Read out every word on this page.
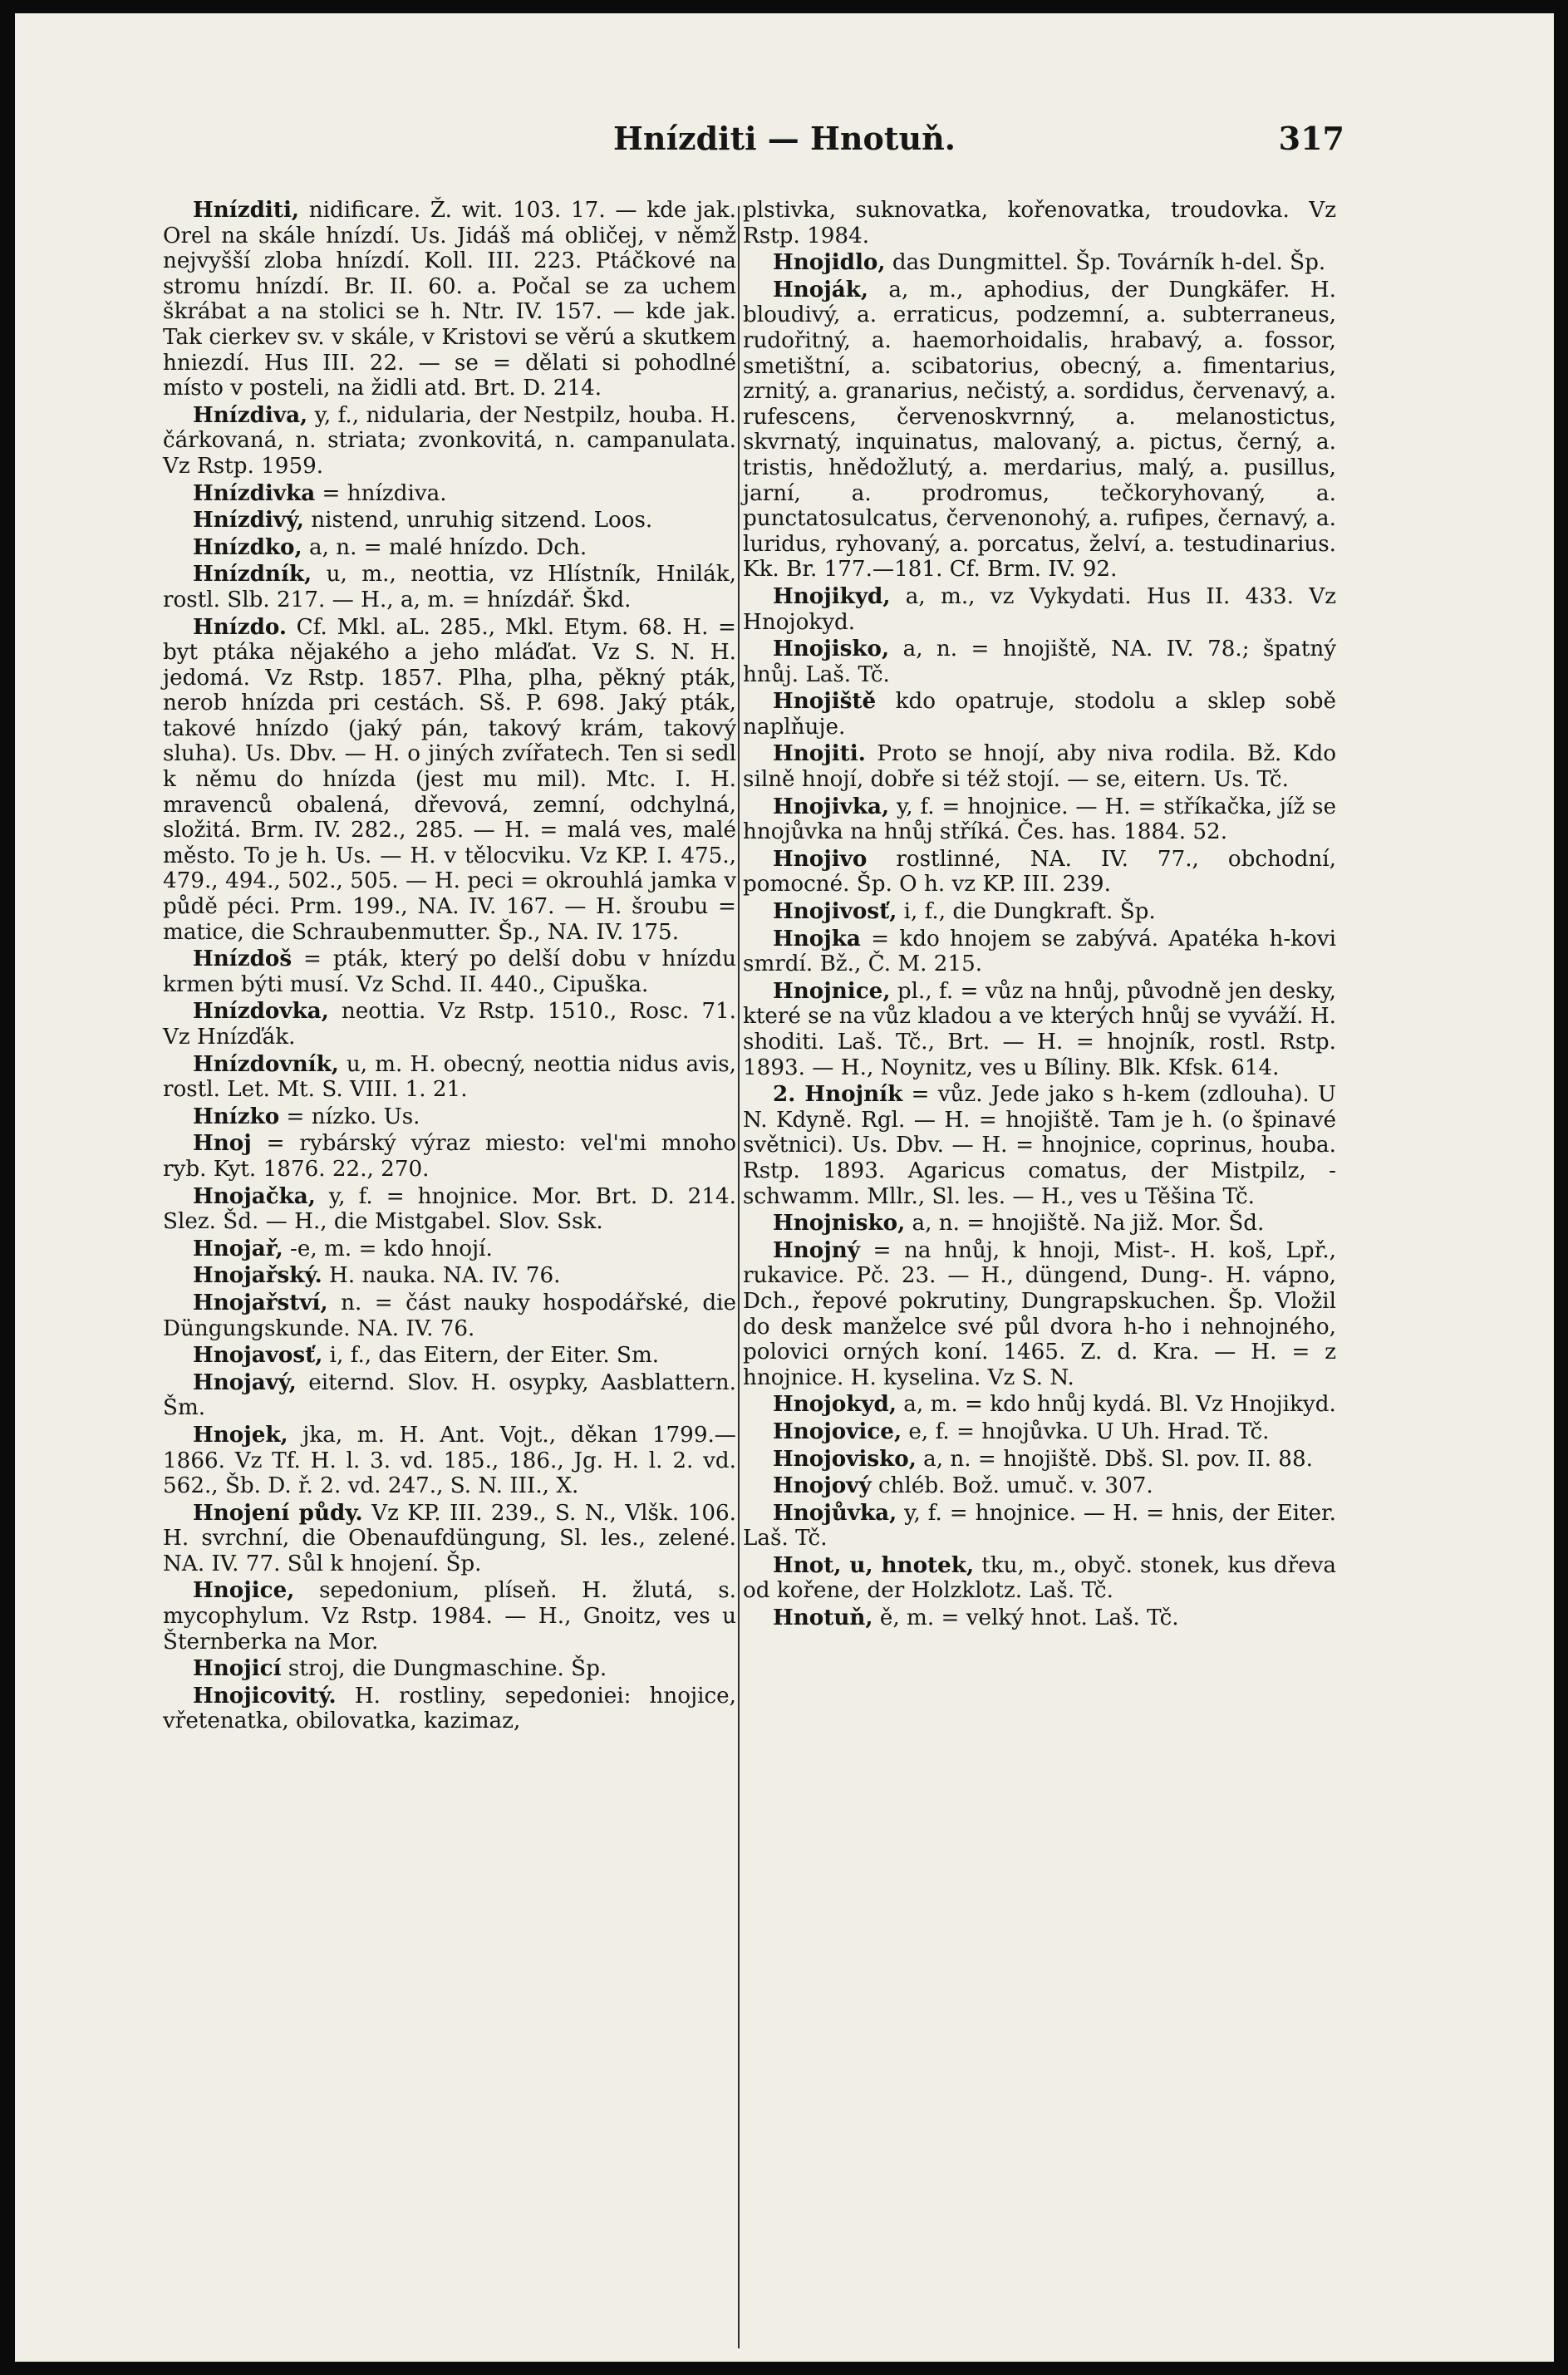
Hnízditi — Hnotuň.	317

Hnízditi, nidificare. Ž. wit. 103. 17. — kde jak. Orel na skále hnízdí. Us. Jidáš má obličej, v němž nejvyšší zloba hnízdí. Koll. III. 223. Ptáčkové na stromu hnízdí. Br. II. 60. a. Počal se za uchem škrábat a na stolici se h. Ntr. IV. 157. — kde jak. Tak cierkev sv. v skále, v Kristovi se věrú a skutkem hniezdí. Hus III. 22. — se = dělati si pohodlné místo v posteli, na židli atd. Brt. D. 214.

Hnízdiva, y, f., nidularia, der Nestpilz, houba. H. čárkovaná, n. striata; zvonkovitá, n. campanulata. Vz Rstp. 1959.

Hnízdivka = hnízdiva.

Hnízdivý, nistend, unruhig sitzend. Loos.

Hnízdko, a, n. = malé hnízdo. Dch.

Hnízdník, u, m., neottia, vz Hlístník, Hnilák, rostl. Slb. 217. — H., a, m. = hnízdář. Škd.

Hnízdo. Cf. Mkl. aL. 285., Mkl. Etym. 68. H. = byt ptáka nějakého a jeho mláďat. Vz S. N. H. jedomá. Vz Rstp. 1857. Plha, plha, pěkný pták, nerob hnízda pri cestách. Sš. P. 698. Jaký pták, takové hnízdo (jaký pán, takový krám, takový sluha). Us. Dbv. — H. o jiných zvířatech. Ten si sedl k němu do hnízda (jest mu mil). Mtc. I. H. mravenců obalená, dřevová, zemní, odchylná, složitá. Brm. IV. 282., 285. — H. = malá ves, malé město. To je h. Us. — H. v tělocviku. Vz KP. I. 475., 479., 494., 502., 505. — H. peci = okrouhlá jamka v půdě péci. Prm. 199., NA. IV. 167. — H. šroubu = matice, die Schraubenmutter. Šp., NA. IV. 175.

Hnízdoš = pták, který po delší dobu v hnízdu krmen býti musí. Vz Schd. II. 440., Cipuška.

Hnízdovka, neottia. Vz Rstp. 1510., Rosc. 71. Vz Hnízďák.

Hnízdovník, u, m. H. obecný, neottia nidus avis, rostl. Let. Mt. S. VIII. 1. 21.

Hnízko = nízko. Us.

Hnoj = rybárský výraz miesto: vel'mi mnoho ryb. Kyt. 1876. 22., 270.

Hnojačka, y, f. = hnojnice. Mor. Brt. D. 214. Slez. Šd. — H., die Mistgabel. Slov. Ssk.

Hnojař, -e, m. = kdo hnojí.

Hnojařský. H. nauka. NA. IV. 76.

Hnojařství, n. = část nauky hospodářské, die Düngungskunde. NA. IV. 76.

Hnojavosť, i, f., das Eitern, der Eiter. Sm.

Hnojavý, eiternd. Slov. H. osypky, Aasblattern. Šm.

Hnojek, jka, m. H. Ant. Vojt., děkan 1799.—1866. Vz Tf. H. l. 3. vd. 185., 186., Jg. H. l. 2. vd. 562., Šb. D. ř. 2. vd. 247., S. N. III., X.

Hnojení půdy. Vz KP. III. 239., S. N., Vlšk. 106. H. svrchní, die Obenaufdüngung, Sl. les., zelené. NA. IV. 77. Sůl k hnojení. Šp.

Hnojice, sepedonium, plíseň. H. žlutá, s. mycophylum. Vz Rstp. 1984. — H., Gnoitz, ves u Šternberka na Mor.

Hnojicí stroj, die Dungmaschine. Šp.

Hnojicovitý. H. rostliny, sepedoniei: hnojice, vřetenatka, obilovatka, kazimaz,

plstivka, suknovatka, kořenovatka, troudovka. Vz Rstp. 1984.

Hnojidlo, das Dungmittel. Šp. Továrník h-del. Šp.

Hnoják, a, m., aphodius, der Dungkäfer. H. bloudivý, a. erraticus, podzemní, a. subterraneus, rudořitný, a. haemorhoidalis, hrabavý, a. fossor, smetištní, a. scibatorius, obecný, a. fimentarius, zrnitý, a. granarius, nečistý, a. sordidus, červenavý, a. rufescens, červenoskvrnný, a. melanostictus, skvrnatý, inquinatus, malovaný, a. pictus, černý, a. tristis, hnědožlutý, a. merdarius, malý, a. pusillus, jarní, a. prodromus, tečkoryhovaný, a. punctatosulcatus, červenonohý, a. rufipes, černavý, a. luridus, ryhovaný, a. porcatus, želví, a. testudinarius. Kk. Br. 177.—181. Cf. Brm. IV. 92.

Hnojikyd, a, m., vz Vykydati. Hus II. 433. Vz Hnojokyd.

Hnojisko, a, n. = hnojiště, NA. IV. 78.; špatný hnůj. Laš. Tč.

Hnojiště kdo opatruje, stodolu a sklep sobě naplňuje.

Hnojiti. Proto se hnojí, aby niva rodila. Bž. Kdo silně hnojí, dobře si též stojí. — se, eitern. Us. Tč.

Hnojivka, y, f. = hnojnice. — H. = stříkačka, jíž se hnojůvka na hnůj stříká. Čes. has. 1884. 52.

Hnojivo rostlinné, NA. IV. 77., obchodní, pomocné. Šp. O h. vz KP. III. 239.

Hnojivosť, i, f., die Dungkraft. Šp.

Hnojka = kdo hnojem se zabývá. Apatéka h-kovi smrdí. Bž., Č. M. 215.

Hnojnice, pl., f. = vůz na hnůj, původně jen desky, které se na vůz kladou a ve kterých hnůj se vyváží. H. shoditi. Laš. Tč., Brt. — H. = hnojník, rostl. Rstp. 1893. — H., Noynitz, ves u Bíliny. Blk. Kfsk. 614.

2. Hnojník = vůz. Jede jako s h-kem (zdlouha). U N. Kdyně. Rgl. — H. = hnojiště. Tam je h. (o špinavé světnici). Us. Dbv. — H. = hnojnice, coprinus, houba. Rstp. 1893. Agaricus comatus, der Mistpilz, -schwamm. Mllr., Sl. les. — H., ves u Těšina Tč.

Hnojnisko, a, n. = hnojiště. Na již. Mor. Šd.

Hnojný = na hnůj, k hnoji, Mist-. H. koš, Lpř., rukavice. Pč. 23. — H., düngend, Dung-. H. vápno, Dch., řepové pokrutiny, Dungrapskuchen. Šp. Vložil do desk manželce své půl dvora h-ho i nehnojného, polovici orných koní. 1465. Z. d. Kra. — H. = z hnojnice. H. kyselina. Vz S. N.

Hnojokyd, a, m. = kdo hnůj kydá. Bl. Vz Hnojikyd.

Hnojovice, e, f. = hnojůvka. U Uh. Hrad. Tč.

Hnojovisko, a, n. = hnojiště. Dbš. Sl. pov. II. 88.

Hnojový chléb. Bož. umuč. v. 307.

Hnojůvka, y, f. = hnojnice. — H. = hnis, der Eiter. Laš. Tč.

Hnot, u, hnotek, tku, m., obyč. stonek, kus dřeva od kořene, der Holzklotz. Laš. Tč.

Hnotuň, ě, m. = velký hnot. Laš. Tč.
